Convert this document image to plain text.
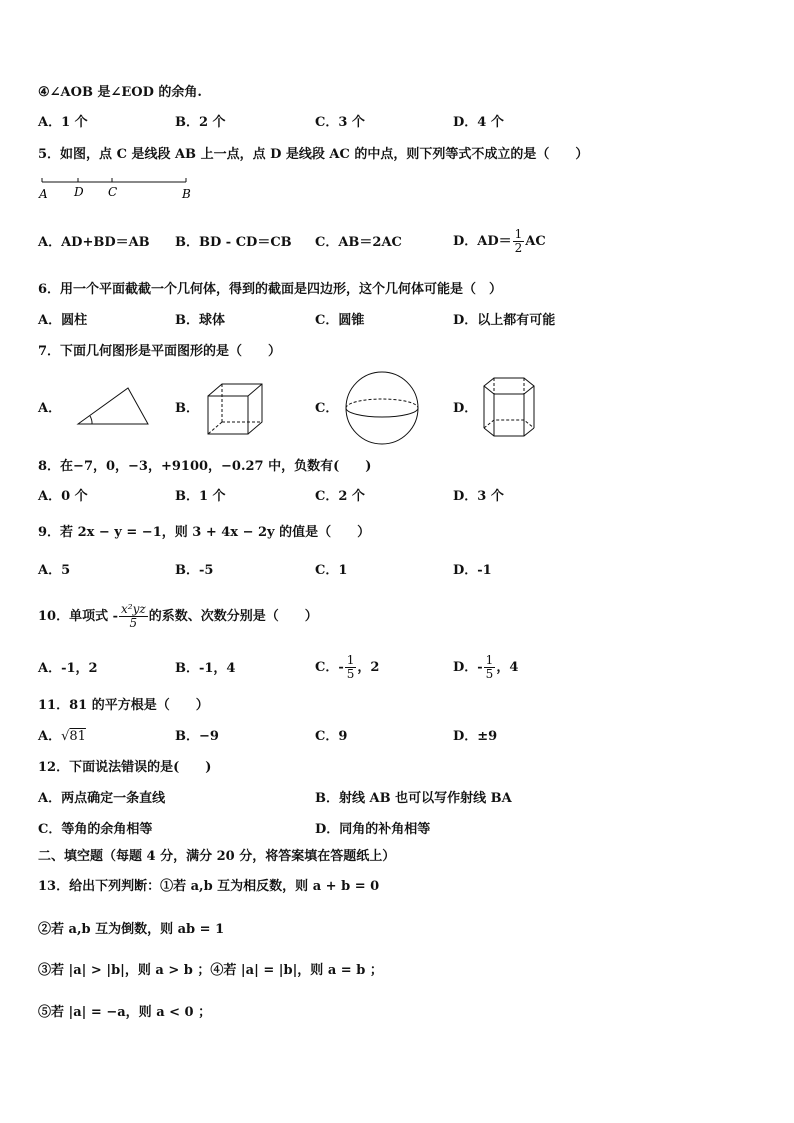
④∠AOB 是∠EOD 的余角.
A．1 个	B．2 个	C．3 个	D．4 个
5．如图，点 C 是线段 AB 上一点，点 D 是线段 AC 的中点，则下列等式不成立的是（　　）
A D C	B
A．AD+BD＝AB B．BD - CD＝CB C．AB＝2AC	D．$AD= \frac{1}{2}$ AC
6．用一个平面截截一个几何体，得到的截面是四边形，这个几何体可能是（　）
A．圆柱	B．球体	C．圆锥	D．以上都有可能
7．下面几何图形是平面图形的是（　　）
A．	B．	C．	D．
8．在−7，0，−3，+9100，−0.27 中，负数有(　　)
A．0 个	B．1 个	C．2 个	D．3 个
9．若 2x − y = −1，则 3 + 4x − 2y 的值是（　　）
A．5	B．-5	C．1	D．-1
10．单项式 - $\frac{\text{x²yz}}{5}$ 的系数、次数分别是（　　）
A．-1，2	B．-1，4	C．- $\frac{1}{5}$ ，2	D．- $\frac{1}{5}$ ，4
11．81 的平方根是（　　）
A．√81	B．−9	C．9	D．±9
12．下面说法错误的是(　　)
A．两点确定一条直线	B．射线 AB 也可以写作射线 BA
C．等角的余角相等	D．同角的补角相等
二、填空题（每题 4 分，满分 20 分，将答案填在答题纸上）
13．给出下列判断：①若 a,b 互为相反数，则 a + b = 0
②若 a,b 互为倒数，则 ab = 1
③若 |a| > |b|，则 a > b ；④若 |a| = |b|，则 a = b ；
⑤若 |a| = −a，则 a < 0 ；
